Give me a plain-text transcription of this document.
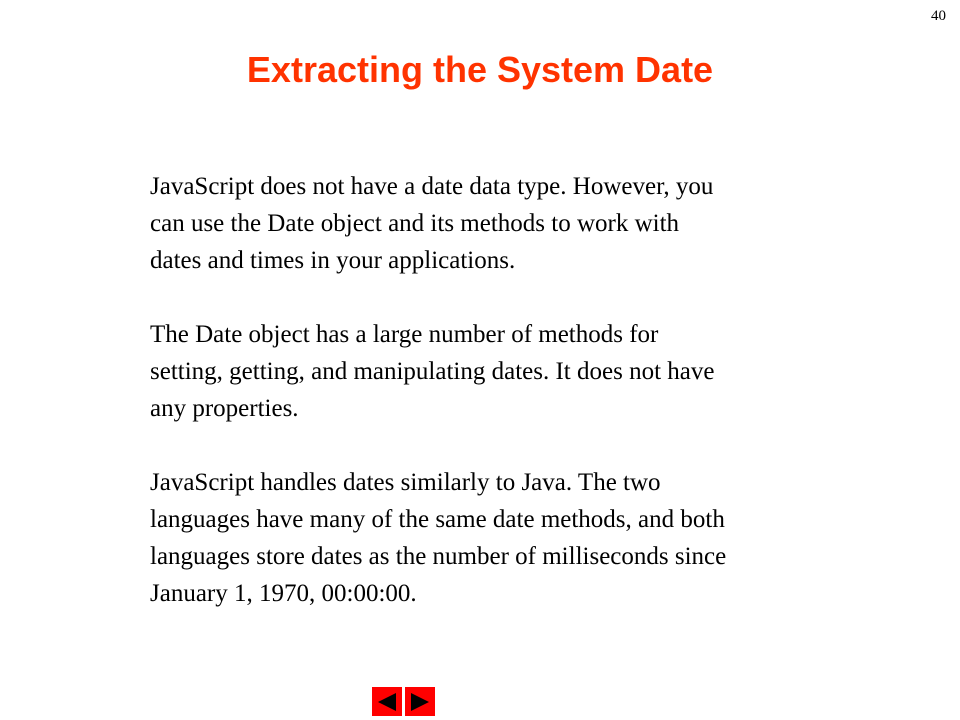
40
Extracting the System Date

JavaScript does not have a date data type. However, you
can use the Date object and its methods to work with
dates and times in your applications.

The Date object has a large number of methods for
setting, getting, and manipulating dates. It does not have
any properties.

JavaScript handles dates similarly to Java. The two
languages have many of the same date methods, and both
languages store dates as the number of milliseconds since
January 1, 1970, 00:00:00.
